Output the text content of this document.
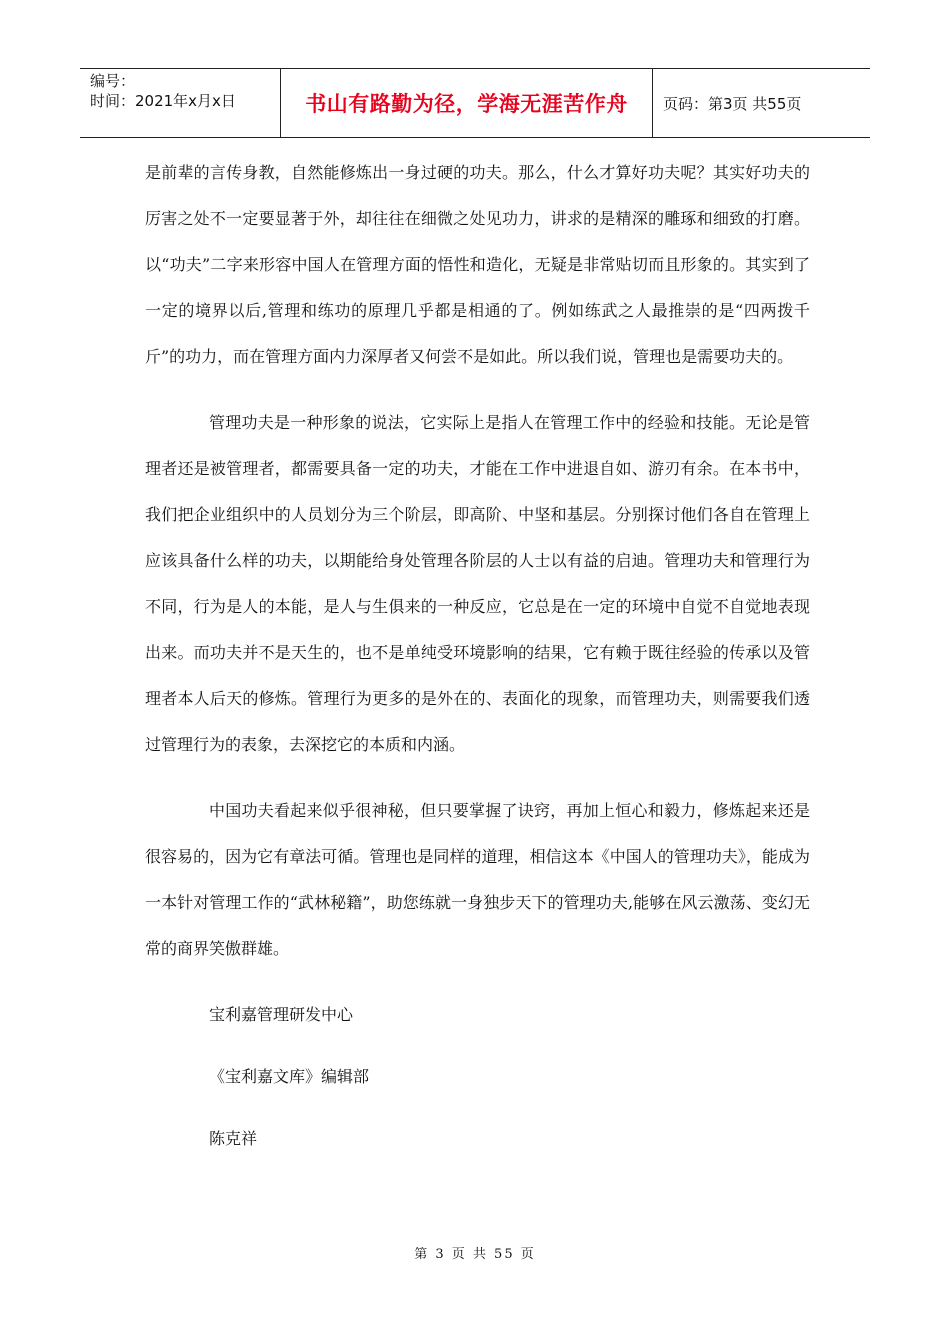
编号：
时间：2021年x月x日	书山有路勤为径，学海无涯苦作舟 页码：第3页 共55页

是前辈的言传身教，自然能修炼出一身过硬的功夫。那么，什么才算好功夫呢？其实好功夫的厉害之处不一定要显著于外，却往往在细微之处见功力，讲求的是精深的雕琢和细致的打磨。以“功夫”二字来形容中国人在管理方面的悟性和造化，无疑是非常贴切而且形象的。其实到了一定的境界以后,管理和练功的原理几乎都是相通的了。例如练武之人最推崇的是“四两拨千斤”的功力，而在管理方面内力深厚者又何尝不是如此。所以我们说，管理也是需要功夫的。

管理功夫是一种形象的说法，它实际上是指人在管理工作中的经验和技能。无论是管理者还是被管理者，都需要具备一定的功夫，才能在工作中进退自如、游刃有余。在本书中，我们把企业组织中的人员划分为三个阶层，即高阶、中坚和基层。分别探讨他们各自在管理上应该具备什么样的功夫，以期能给身处管理各阶层的人士以有益的启迪。管理功夫和管理行为不同，行为是人的本能，是人与生俱来的一种反应，它总是在一定的环境中自觉不自觉地表现出来。而功夫并不是天生的，也不是单纯受环境影响的结果，它有赖于既往经验的传承以及管理者本人后天的修炼。管理行为更多的是外在的、表面化的现象，而管理功夫，则需要我们透过管理行为的表象，去深挖它的本质和内涵。

中国功夫看起来似乎很神秘，但只要掌握了诀窍，再加上恒心和毅力，修炼起来还是很容易的，因为它有章法可循。管理也是同样的道理，相信这本《中国人的管理功夫》，能成为一本针对管理工作的“武林秘籍”，助您练就一身独步天下的管理功夫,能够在风云激荡、变幻无常的商界笑傲群雄。

宝利嘉管理研发中心

《宝利嘉文库》编辑部

陈克祥

第 3 页 共 55 页
